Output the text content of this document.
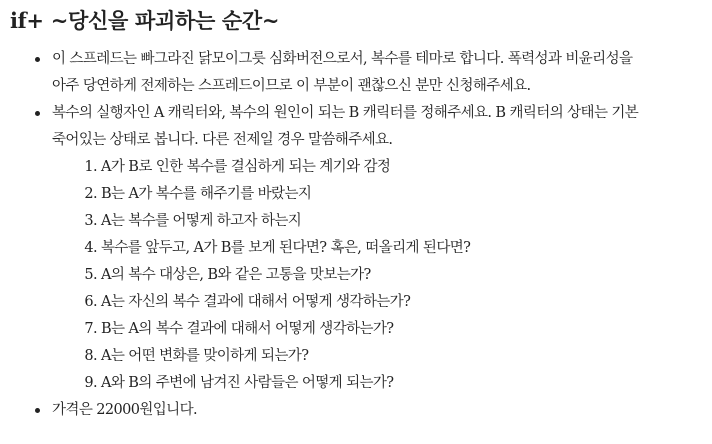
if+ ~당신을 파괴하는 순간~
이 스프레드는 빠그라진 닭모이그릇 심화버전으로서, 복수를 테마로 합니다. 폭력성과 비윤리성을
아주 당연하게 전제하는 스프레드이므로 이 부분이 괜찮으신 분만 신청해주세요.
복수의 실행자인 A 캐릭터와, 복수의 원인이 되는 B 캐릭터를 정해주세요. B 캐릭터의 상태는 기본
죽어있는 상태로 봅니다. 다른 전제일 경우 말씀해주세요.
1. A가 B로 인한 복수를 결심하게 되는 계기와 감정
2. B는 A가 복수를 해주기를 바랐는지
3. A는 복수를 어떻게 하고자 하는지
4. 복수를 앞두고, A가 B를 보게 된다면? 혹은, 떠올리게 된다면?
5. A의 복수 대상은, B와 같은 고통을 맛보는가?
6. A는 자신의 복수 결과에 대해서 어떻게 생각하는가?
7. B는 A의 복수 결과에 대해서 어떻게 생각하는가?
8. A는 어떤 변화를 맞이하게 되는가?
9. A와 B의 주변에 남겨진 사람들은 어떻게 되는가?
가격은 22000원입니다.
